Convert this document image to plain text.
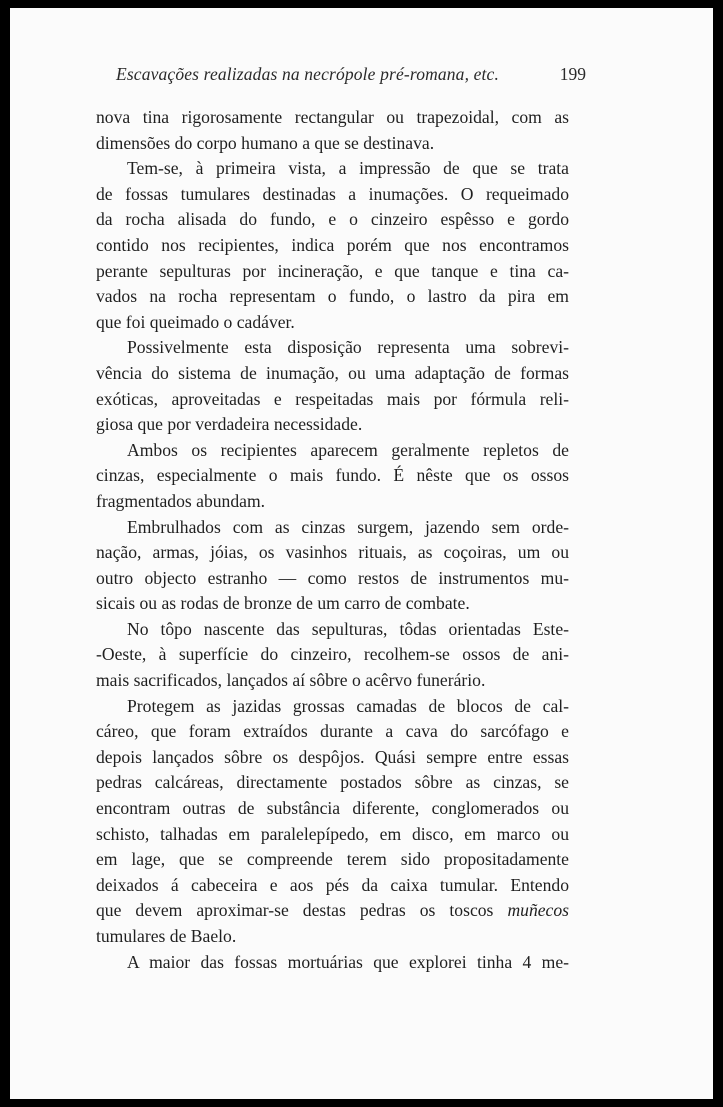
Escavações realizadas na necrópole pré-romana, etc.	199
nova tina rigorosamente rectangular ou trapezoidal, com as
dimensões do corpo humano a que se destinava.
Tem-se, à primeira vista, a impressão de que se trata
de fossas tumulares destinadas a inumações. O requeimado
da rocha alisada do fundo, e o cinzeiro espêsso e gordo
contido nos recipientes, indica porém que nos encontramos
perante sepulturas por incineração, e que tanque e tina ca-
vados na rocha representam o fundo, o lastro da pira em
que foi queimado o cadáver.
Possivelmente esta disposição representa uma sobrevi-
vência do sistema de inumação, ou uma adaptação de formas
exóticas, aproveitadas e respeitadas mais por fórmula reli-
giosa que por verdadeira necessidade.
Ambos os recipientes aparecem geralmente repletos de
cinzas, especialmente o mais fundo. É nêste que os ossos
fragmentados abundam.
Embrulhados com as cinzas surgem, jazendo sem orde-
nação, armas, jóias, os vasinhos rituais, as coçoiras, um ou
outro objecto estranho — como restos de instrumentos mu-
sicais ou as rodas de bronze de um carro de combate.
No tôpo nascente das sepulturas, tôdas orientadas Este-
-Oeste, à superfície do cinzeiro, recolhem-se ossos de ani-
mais sacrificados, lançados aí sôbre o acêrvo funerário.
Protegem as jazidas grossas camadas de blocos de cal-
cáreo, que foram extraídos durante a cava do sarcófago e
depois lançados sôbre os despôjos. Quási sempre entre essas
pedras calcáreas, directamente postados sôbre as cinzas, se
encontram outras de substância diferente, conglomerados ou
schisto, talhadas em paralelepípedo, em disco, em marco ou
em lage, que se compreende terem sido propositadamente
deixados á cabeceira e aos pés da caixa tumular. Entendo
que devem aproximar-se destas pedras os toscos muñecos
tumulares de Baelo.
A maior das fossas mortuárias que explorei tinha 4 me-
